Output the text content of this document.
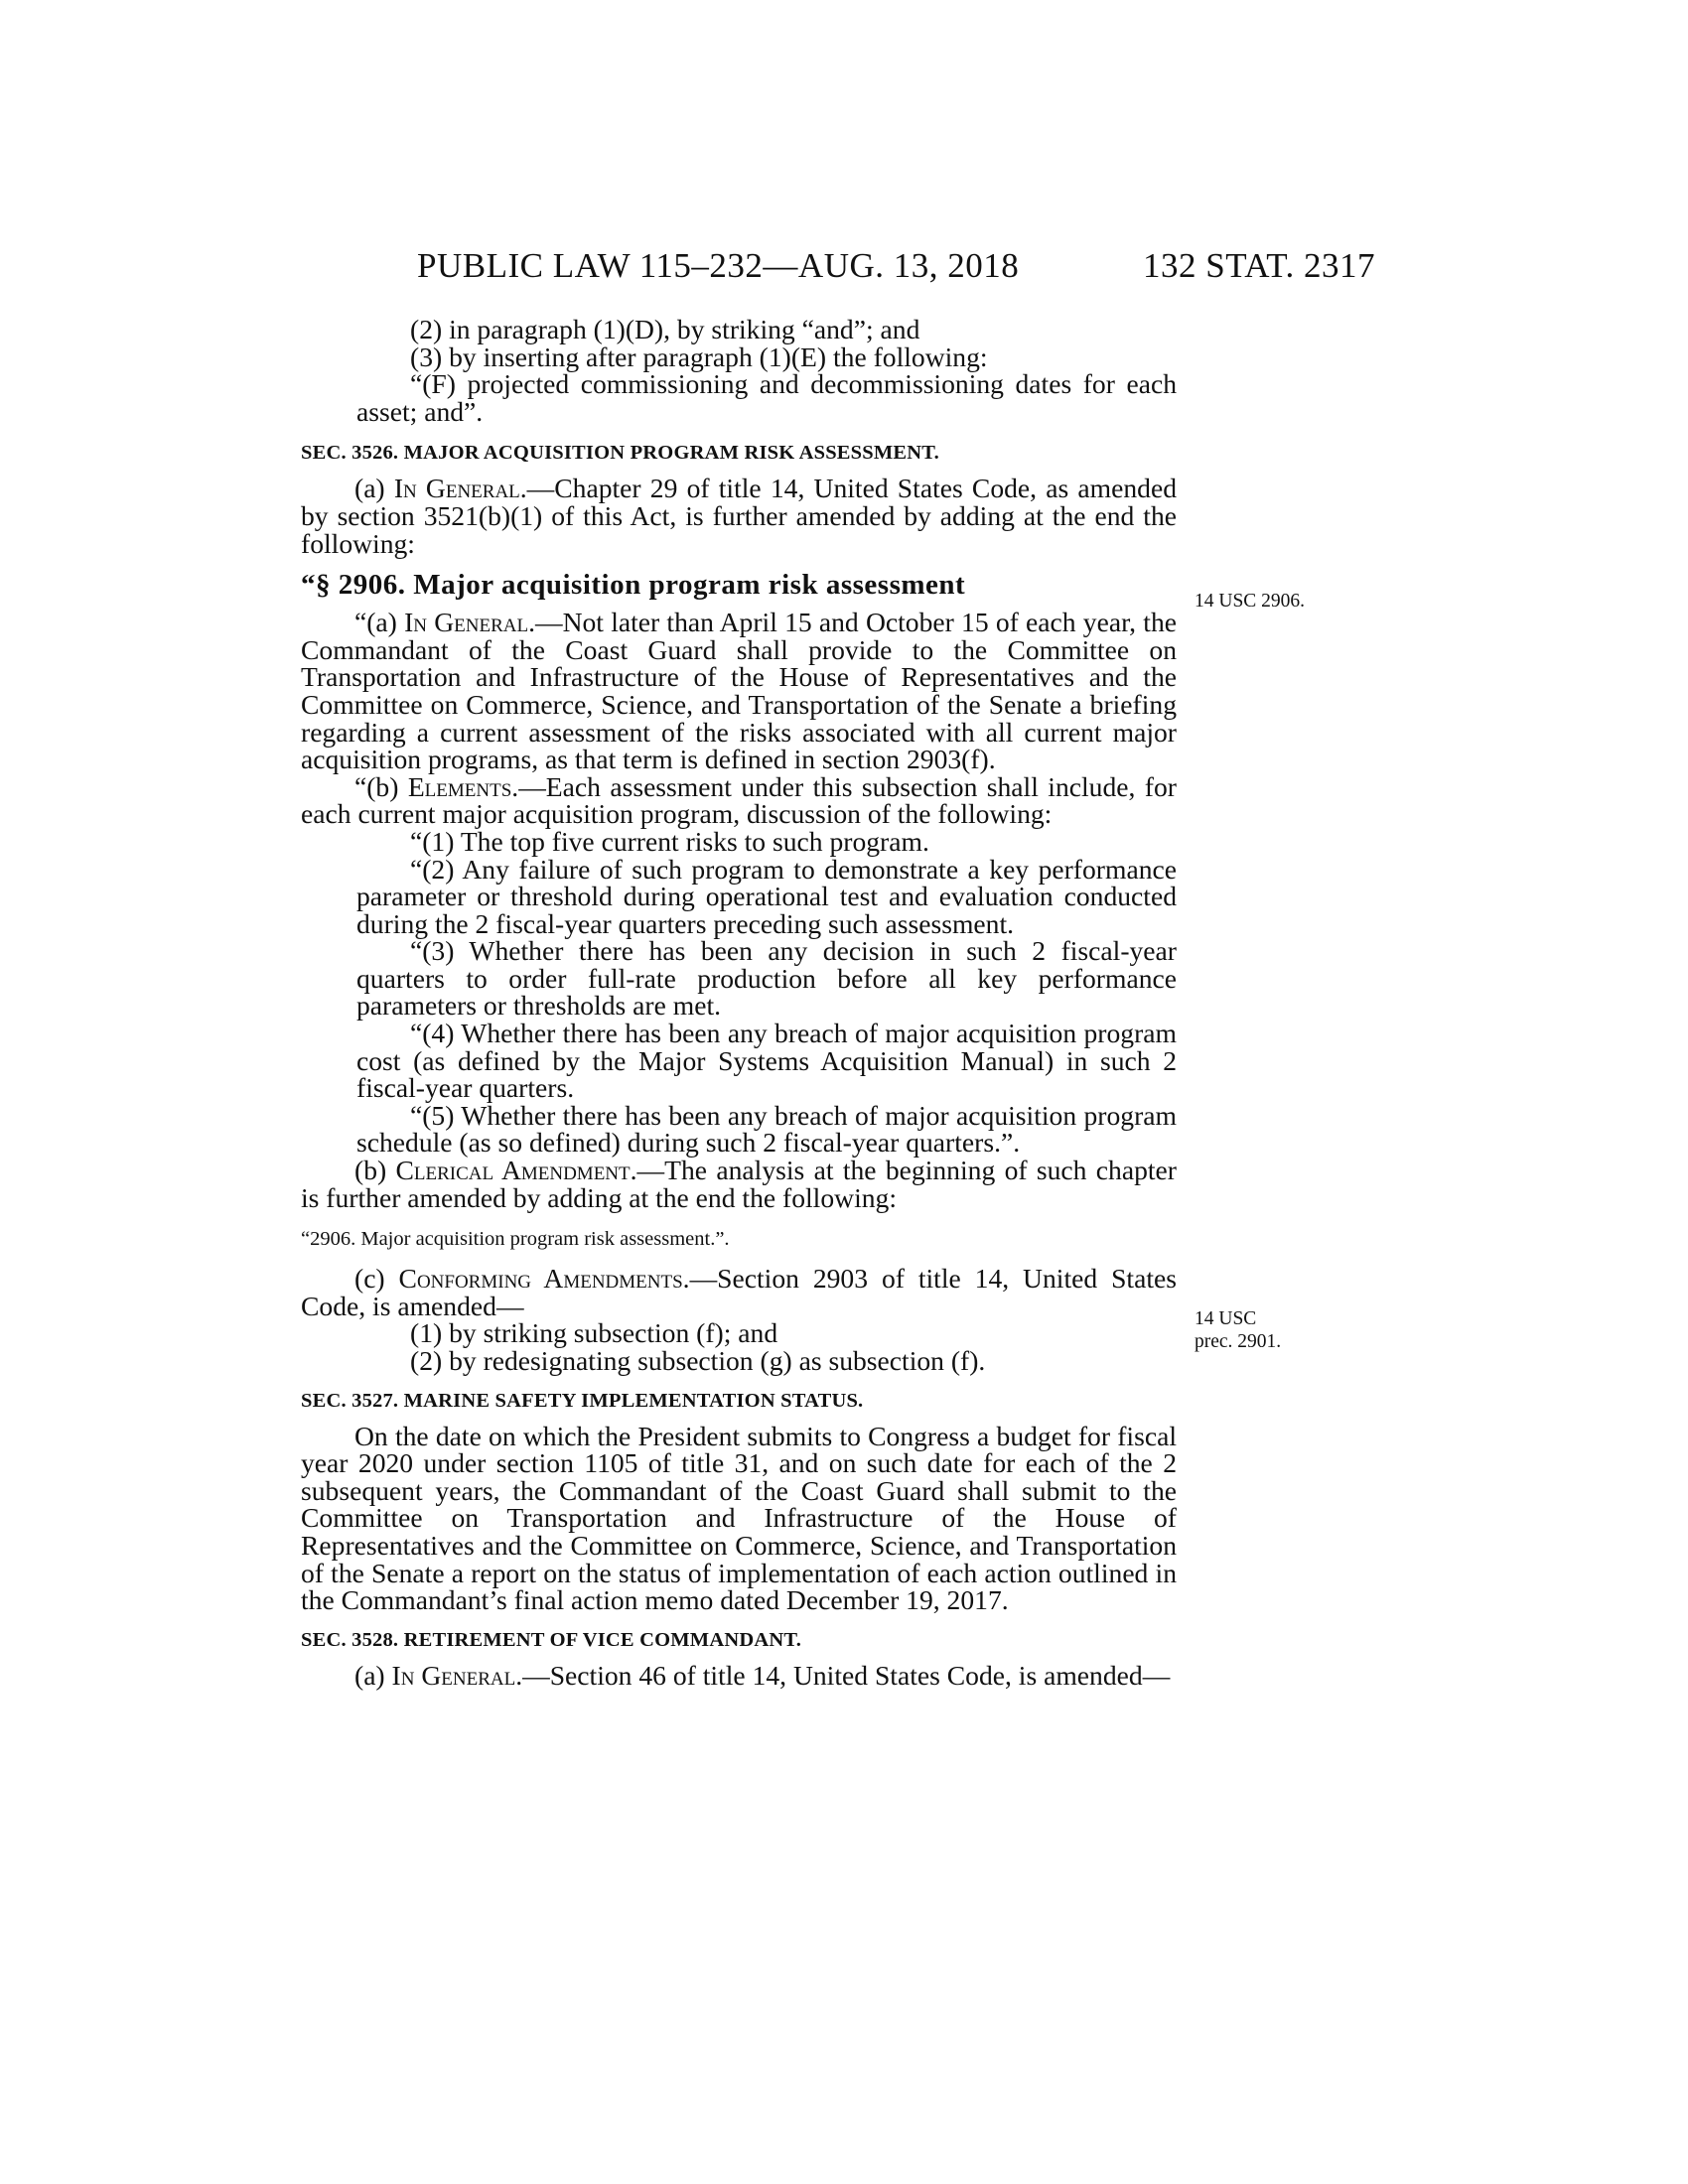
PUBLIC LAW 115–232—AUG. 13, 2018	132 STAT. 2317

(2) in paragraph (1)(D), by striking “and”; and

(3) by inserting after paragraph (1)(E) the following:

“(F) projected commissioning and decommissioning dates for each asset; and”.

SEC. 3526. MAJOR ACQUISITION PROGRAM RISK ASSESSMENT.

(a) In General.—Chapter 29 of title 14, United States Code, as amended by section 3521(b)(1) of this Act, is further amended by adding at the end the following:

“§ 2906. Major acquisition program risk assessment

“(a) In General.—Not later than April 15 and October 15 of each year, the Commandant of the Coast Guard shall provide to the Committee on Transportation and Infrastructure of the House of Representatives and the Committee on Commerce, Science, and Transportation of the Senate a briefing regarding a current assessment of the risks associated with all current major acquisition programs, as that term is defined in section 2903(f).

“(b) Elements.—Each assessment under this subsection shall include, for each current major acquisition program, discussion of the following:

“(1) The top five current risks to such program.

“(2) Any failure of such program to demonstrate a key performance parameter or threshold during operational test and evaluation conducted during the 2 fiscal-year quarters preceding such assessment.

“(3) Whether there has been any decision in such 2 fiscal-year quarters to order full-rate production before all key performance parameters or thresholds are met.

“(4) Whether there has been any breach of major acquisition program cost (as defined by the Major Systems Acquisition Manual) in such 2 fiscal-year quarters.

“(5) Whether there has been any breach of major acquisition program schedule (as so defined) during such 2 fiscal-year quarters.”.

(b) Clerical Amendment.—The analysis at the beginning of such chapter is further amended by adding at the end the following:

“2906. Major acquisition program risk assessment.”.

(c) Conforming Amendments.—Section 2903 of title 14, United States Code, is amended—

(1) by striking subsection (f); and

(2) by redesignating subsection (g) as subsection (f).

SEC. 3527. MARINE SAFETY IMPLEMENTATION STATUS.

On the date on which the President submits to Congress a budget for fiscal year 2020 under section 1105 of title 31, and on such date for each of the 2 subsequent years, the Commandant of the Coast Guard shall submit to the Committee on Transportation and Infrastructure of the House of Representatives and the Committee on Commerce, Science, and Transportation of the Senate a report on the status of implementation of each action outlined in the Commandant’s final action memo dated December 19, 2017.

SEC. 3528. RETIREMENT OF VICE COMMANDANT.

(a) In General.—Section 46 of title 14, United States Code, is amended—

14 USC 2906.
14 USC
prec. 2901.
